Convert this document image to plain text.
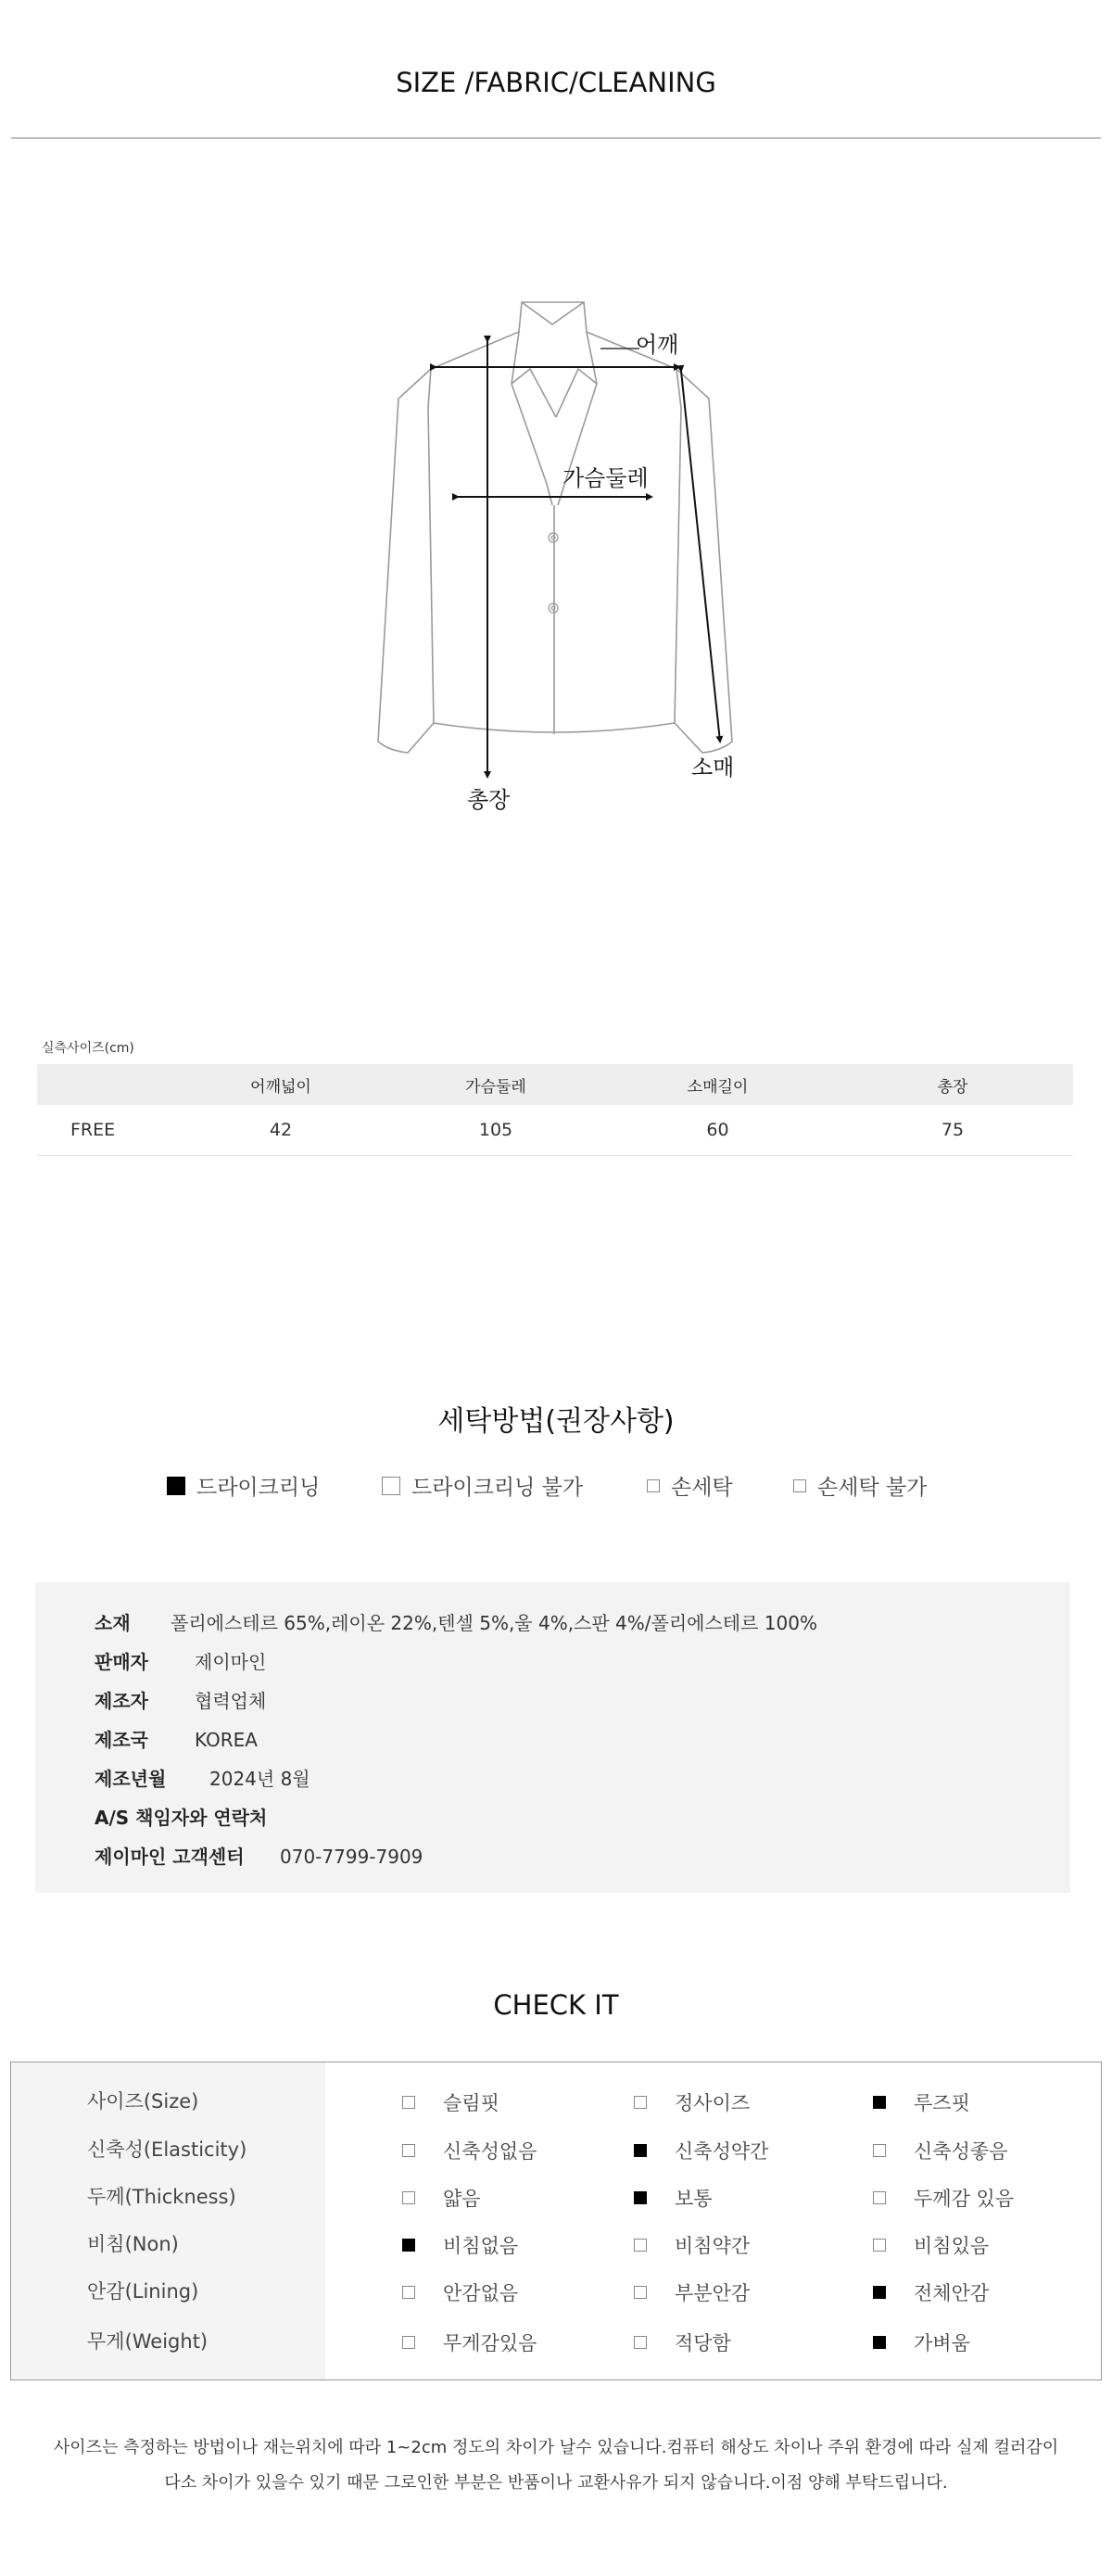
SIZE /FABRIC/CLEANING
어깨
가슴둘레
소매
총장
실측사이즈(cm)
	어깨넓이	가슴둘레	소매길이	총장
FREE	42	105	60	75
세탁방법(권장사항)
드라이크리닝	드라이크리닝 불가	손세탁	손세탁 불가
소재 폴리에스테르 65%,레이온 22%,텐셀 5%,울 4%,스판 4%/폴리에스테르 100%
판매자	제이마인
제조자	협력업체
제조국	KOREA
제조년월 2024년 8월
A/S 책임자와 연락처
제이마인 고객센터 070-7799-7909
CHECK IT
사이즈(Size)	슬림핏	정사이즈	루즈핏
신축성(Elasticity)	신축성없음	신축성약간	신축성좋음
두께(Thickness)	얇음	보통	두께감 있음
비침(Non)	비침없음	비침약간	비침있음
안감(Lining)	안감없음	부분안감	전체안감
무게(Weight)	무게감있음	적당함	가벼움
사이즈는 측정하는 방법이나 재는위치에 따라 1~2cm 정도의 차이가 날수 있습니다.컴퓨터 해상도 차이나 주위 환경에 따라 실제 컬러감이
다소 차이가 있을수 있기 때문 그로인한 부분은 반품이나 교환사유가 되지 않습니다.이점 양해 부탁드립니다.
